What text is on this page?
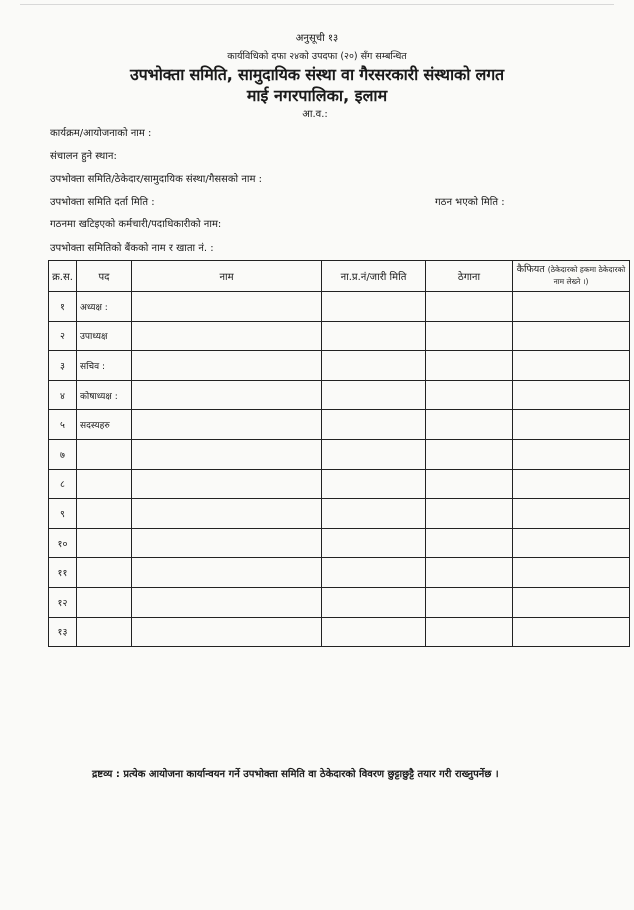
अनुसूची १३
कार्यविधिको दफा २४को उपदफा (२०) सँग सम्बन्धित
उपभोक्ता समिति, सामुदायिक संस्था वा गैरसरकारी संस्थाको लगत
माई नगरपालिका, इलाम
आ.व.:
कार्यक्रम/आयोजनाको नाम :
संचालन हुने स्थान:
उपभोक्ता समिति/ठेकेदार/सामुदायिक संस्था/गैससको नाम :
उपभोक्ता समिति दर्ता मिति :	गठन भएको मिति :
गठनमा खटिइएको कर्मचारी/पदाधिकारीको नाम:
उपभोक्ता समितिको बैंकको नाम र खाता नं. :
क्र.स.	पद	नाम	ना.प्र.नं/जारी मिति	ठेगाना	कैफियत (ठेकेदारको हकमा ठेकेदारको नाम लेख्ने ।)
१	अध्यक्ष :				
२	उपाध्यक्ष				
३	सचिव :				
४	कोषाध्यक्ष :				
५	सदस्यहरु				
७					
८					
९					
१०					
११					
१२					
१३					
द्रष्टव्य : प्रत्येक आयोजना कार्यान्वयन गर्ने उपभोक्ता समिति वा ठेकेदारको विवरण छुट्टाछुट्टै तयार गरी राख्नुपर्नेछ ।
